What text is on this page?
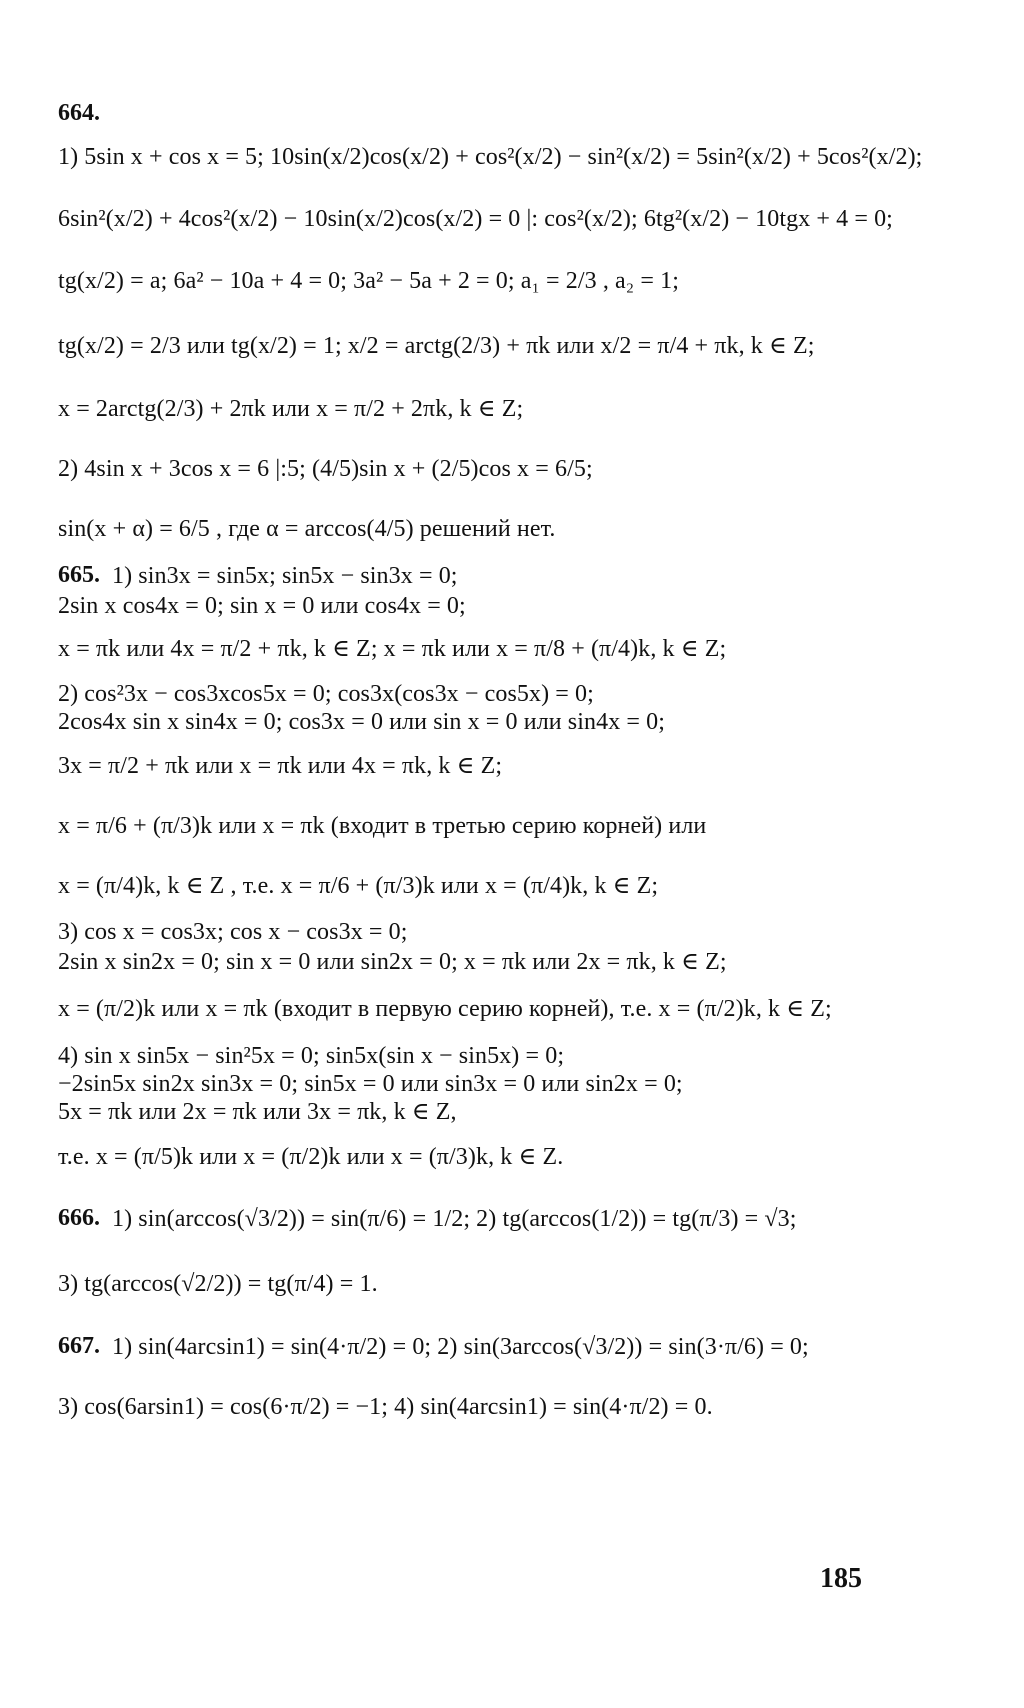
664.
1) 5sin x + cos x = 5; 10sin(x/2)cos(x/2) + cos²(x/2) − sin²(x/2) = 5sin²(x/2) + 5cos²(x/2);
6sin²(x/2) + 4cos²(x/2) − 10sin(x/2)cos(x/2) = 0 |: cos²(x/2); 6tg²(x/2) − 10tgx + 4 = 0;
tg(x/2) = a; 6a² − 10a + 4 = 0; 3a² − 5a + 2 = 0; a₁ = 2/3 , a₂ = 1;
tg(x/2) = 2/3 или tg(x/2) = 1; x/2 = arctg(2/3) + πk или x/2 = π/4 + πk, k ∈ Z;
x = 2arctg(2/3) + 2πk или x = π/2 + 2πk, k ∈ Z;
2) 4sin x + 3cos x = 6 |:5; (4/5)sin x + (2/5)cos x = 6/5;
sin(x + α) = 6/5 , где α = arccos(4/5) решений нет.
665. 1) sin3x = sin5x; sin5x − sin3x = 0;
2sin x cos4x = 0; sin x = 0 или cos4x = 0;
x = πk или 4x = π/2 + πk, k ∈ Z; x = πk или x = π/8 + (π/4)k, k ∈ Z;
2) cos²3x − cos3xcos5x = 0; cos3x(cos3x − cos5x) = 0;
2cos4x sin x sin4x = 0; cos3x = 0 или sin x = 0 или sin4x = 0;
3x = π/2 + πk или x = πk или 4x = πk, k ∈ Z;
x = π/6 + (π/3)k или x = πk (входит в третью серию корней) или
x = (π/4)k, k ∈ Z , т.е. x = π/6 + (π/3)k или x = (π/4)k, k ∈ Z;
3) cos x = cos3x; cos x − cos3x = 0;
2sin x sin2x = 0; sin x = 0 или sin2x = 0; x = πk или 2x = πk, k ∈ Z;
x = (π/2)k или x = πk (входит в первую серию корней), т.е. x = (π/2)k, k ∈ Z;
4) sin x sin5x − sin²5x = 0; sin5x(sin x − sin5x) = 0;
−2sin5x sin2x sin3x = 0; sin5x = 0 или sin3x = 0 или sin2x = 0;
5x = πk или 2x = πk или 3x = πk, k ∈ Z,
т.е. x = (π/5)k или x = (π/2)k или x = (π/3)k, k ∈ Z.
666. 1) sin(arccos(√3/2)) = sin(π/6) = 1/2; 2) tg(arccos(1/2)) = tg(π/3) = √3;
3) tg(arccos(√2/2)) = tg(π/4) = 1.
667. 1) sin(4arcsin1) = sin(4·π/2) = 0; 2) sin(3arccos(√3/2)) = sin(3·π/6) = 0;
3) cos(6arsin1) = cos(6·π/2) = −1; 4) sin(4arcsin1) = sin(4·π/2) = 0.
185
